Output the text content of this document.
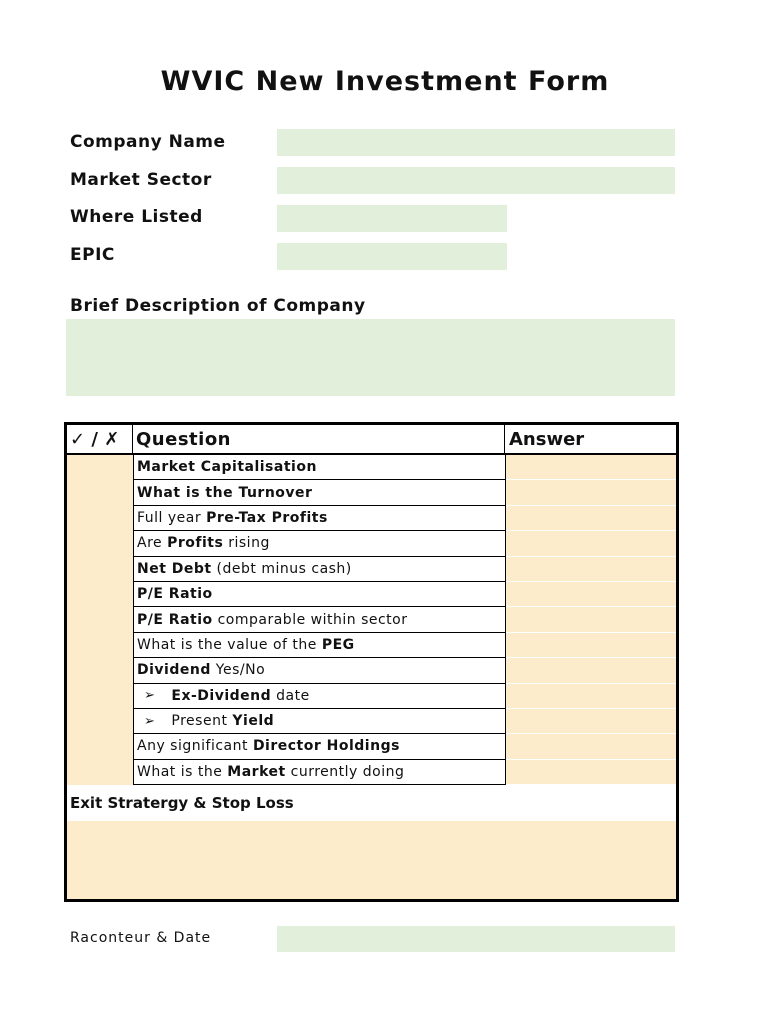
WVIC New Investment Form
Company Name
Market Sector
Where Listed
EPIC
Brief Description of Company
✓ / ✗ Question	Answer
Market Capitalisation
What is the Turnover
Full year Pre-Tax Profits
Are Profits rising
Net Debt (debt minus cash)
P/E Ratio
P/E Ratio comparable within sector
What is the value of the PEG
Dividend Yes/No
➢ Ex-Dividend date
➢ Present Yield
Any significant Director Holdings
What is the Market currently doing
Exit Stratergy & Stop Loss
Raconteur & Date
